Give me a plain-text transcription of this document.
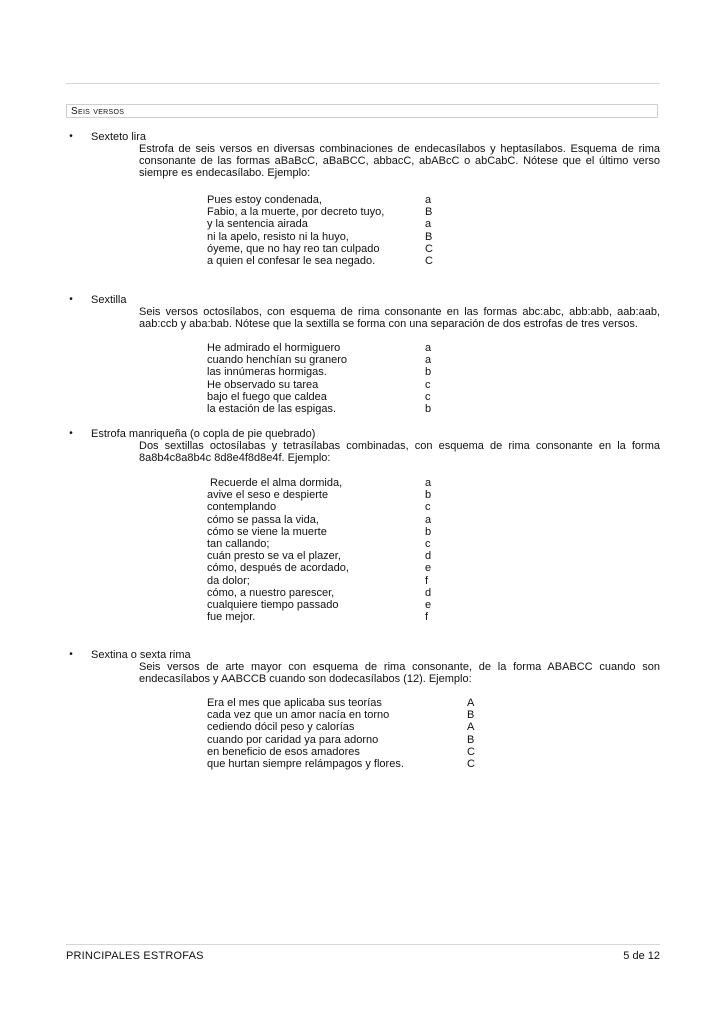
Seis versos
• Sexteto lira

Estrofa de seis versos en diversas combinaciones de endecasílabos y heptasílabos. Esquema de rima consonante de las formas aBaBcC, aBaBCC, abbacC, abABcC o abCabC. Nótese que el último verso siempre es endecasílabo. Ejemplo:

Pues estoy condenada,	a
Fabio, a la muerte, por decreto tuyo,	B
y la sentencia airada	a
ni la apelo, resisto ni la huyo,	B
óyeme, que no hay reo tan culpado	C
a quien el confesar le sea negado.	C
• Sextilla

Seis versos octosílabos, con esquema de rima consonante en las formas abc:abc, abb:abb, aab:aab, aab:ccb y aba:bab. Nótese que la sextilla se forma con una separación de dos estrofas de tres versos.

He admirado el hormiguero	a
cuando henchían su granero	a
las innúmeras hormigas.	b
He observado su tarea	c
bajo el fuego que caldea	c
la estación de las espigas.	b
• Estrofa manriqueña (o copla de pie quebrado)

Dos sextillas octosílabas y tetrasílabas combinadas, con esquema de rima consonante en la forma 8a8b4c8a8b4c 8d8e4f8d8e4f. Ejemplo:

Recuerde el alma dormida,	a
avive el seso e despierte	b
contemplando	c
cómo se passa la vida,	a
cómo se viene la muerte	b
tan callando;	c
cuán presto se va el plazer,	d
cómo, después de acordado,	e
da dolor;	f
cómo, a nuestro parescer,	d
cualquiere tiempo passado	e
fue mejor.	f
• Sextina o sexta rima

Seis versos de arte mayor con esquema de rima consonante, de la forma ABABCC cuando son endecasílabos y AABCCB cuando son dodecasílabos (12). Ejemplo:

Era el mes que aplicaba sus teorías	A
cada vez que un amor nacía en torno	B
cediendo dócil peso y calorías	A
cuando por caridad ya para adorno	B
en beneficio de esos amadores	C
que hurtan siempre relámpagos y flores.	C
PRINCIPALES ESTROFAS	5 de 12
